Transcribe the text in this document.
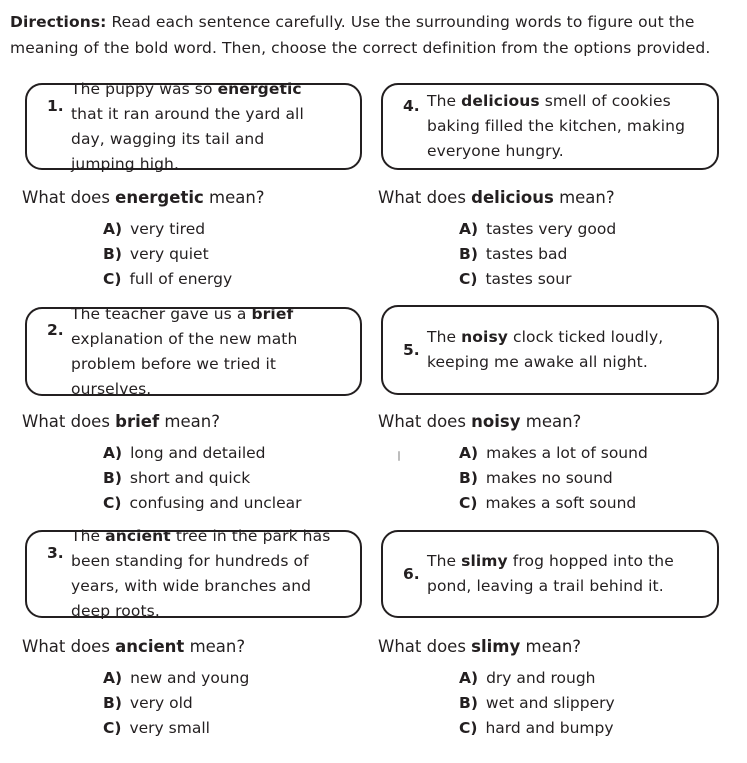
Directions: Read each sentence carefully. Use the surrounding words to figure out the meaning of the bold word. Then, choose the correct definition from the options provided.

1.

The puppy was so energetic that it ran around the yard all day, wagging its tail and jumping high.

What does energetic mean?

A) very tired
B) very quiet
C) full of energy
4. The delicious smell of cookies baking filled the kitchen, making everyone hungry.

What does delicious mean?

A) tastes very good
B) tastes bad
C) tastes sour
2.

The teacher gave us a brief explanation of the new math problem before we tried it ourselves.

What does brief mean?

A) long and detailed
B) short and quick
C) confusing and unclear
5.

The noisy clock ticked loudly, keeping me awake all night.

What does noisy mean?

A) makes a lot of sound
B) makes no sound
C) makes a soft sound
3.

The ancient tree in the park has been standing for hundreds of years, with wide branches and deep roots.

What does ancient mean?

A) new and young
B) very old
C) very small
6.

The slimy frog hopped into the pond, leaving a trail behind it.

What does slimy mean?

A) dry and rough
B) wet and slippery
C) hard and bumpy
